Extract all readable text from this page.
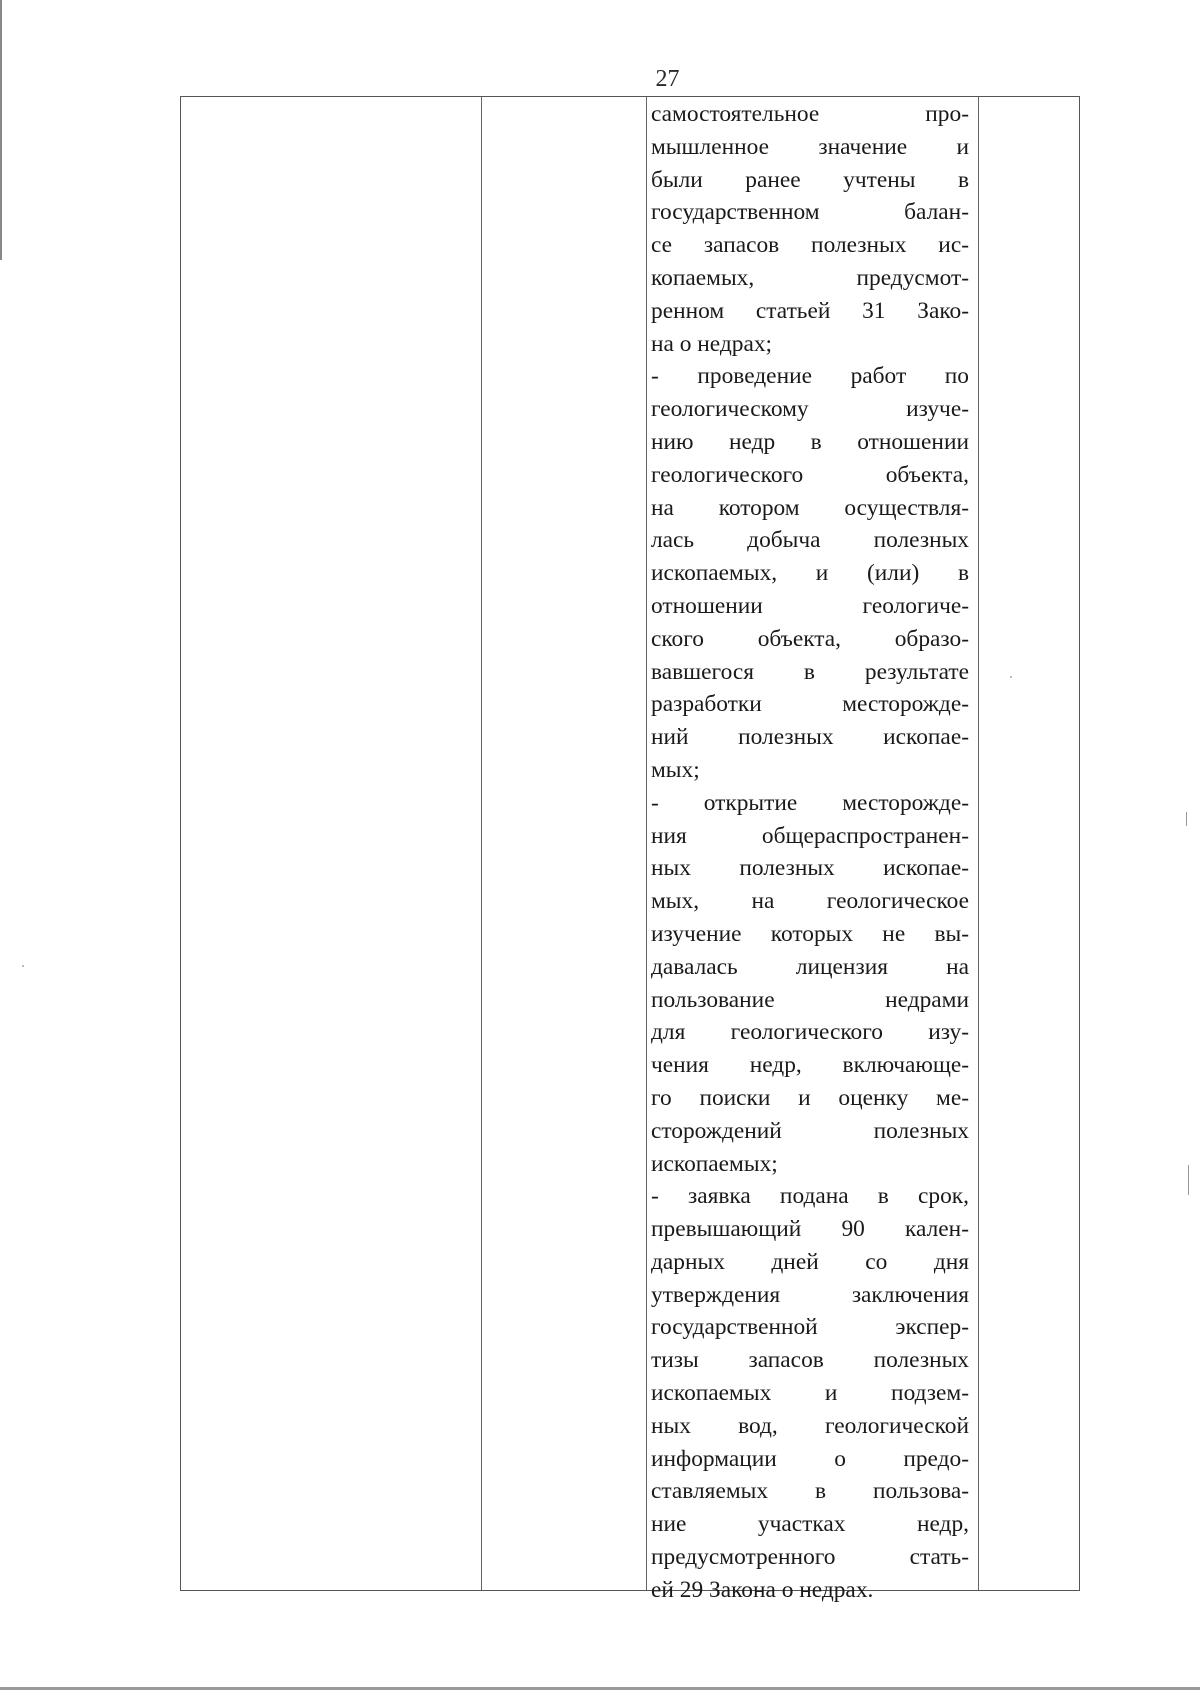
27
самостоятельное    про-
мышленное значение и
были ранее учтены в
государственном балан-
се запасов полезных ис-
копаемых,   предусмот-
ренном статьей 31 Зако-
на о недрах;
- проведение работ по
геологическому  изуче-
нию недр в отношении
геологического объекта,
на котором осуществля-
лась добыча полезных
ископаемых, и (или) в
отношении   геологиче-
ского объекта, образо-
вавшегося в результате
разработки месторожде-
ний полезных ископае-
мых;
- открытие месторожде-
ния общераспространен-
ных полезных ископае-
мых, на геологическое
изучение которых не вы-
давалась  лицензия  на
пользование    недрами
для геологического изу-
чения недр, включающе-
го поиски и оценку ме-
сторождений  полезных
ископаемых;
- заявка подана в срок,
превышающий 90 кален-
дарных дней со дня
утверждения заключения
государственной экспер-
тизы запасов полезных
ископаемых и подзем-
ных вод, геологической
информации о предо-
ставляемых в пользова-
ние   участках   недр,
предусмотренного стать-
ей 29 Закона о недрах.
